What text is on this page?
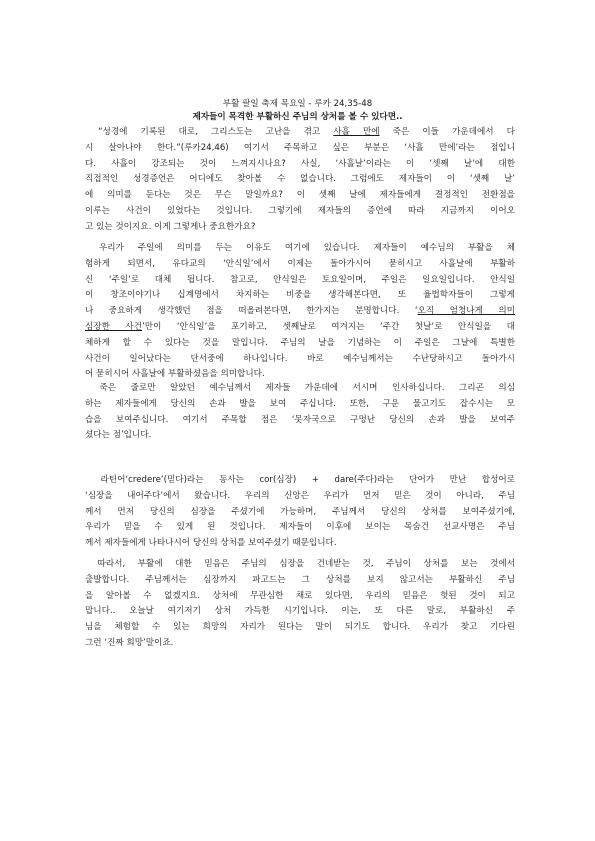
부활 팔일 축제 목요일 - 루카 24,35-48
제자들이 목격한 부활하신 주님의 상처를 볼 수 있다면..
“성경에 기록된 대로, 그리스도는 고난을 겪고 사흘 만에 죽은 이들 가운데에서 다
시 살아나야 한다.”(루카24,46) 여기서 주목하고 싶은 부분은 ‘사흘 만에’라는 점입니
다. 사흘이 강조되는 것이 느껴지시나요? 사실, ‘사흘날’이라는 이 ‘셋째 날’에 대한
직접적인 성경증언은 어디에도 찾아볼 수 없습니다. 그럼에도 제자들이 이 ‘셋째 날’
에 의미를 둔다는 것은 무슨 말일까요? 이 셋째 날에 제자들에게 결정적인 전환점을
이루는 사건이 있었다는 것입니다. 그렇기에 제자들의 증언에 따라 지금까지 이어오
고 있는 것이지요. 이게 그렇게나 중요한가요?
우리가 주일에 의미를 두는 이유도 여기에 있습니다. 제자들이 예수님의 부활을 체
험하게 되면서, 유다교의 ‘안식일’에서 이제는 돌아가시어 묻히시고 사흘날에 부활하
신 ‘주일’로 대체 됩니다. 참고로, 안식일은 토요일이며, 주일은 일요일입니다. 안식일
이 창조이야기나 십계명에서 차지하는 비중을 생각해본다면, 또 율법학자들이 그렇게
나 중요하게 생각했던 점을 떠올려본다면, 한가지는 분명합니다. ‘오직 엄청나게 의미
심장한 사건’만이 ‘안식일’을 포기하고, 셋째날로 여겨지는 ‘주간 첫날’로 안식일을 대
체하게 할 수 있다는 것을 말입니다. 주님의 날을 기념하는 이 주일은 그날에 특별한
사건이 일어났다는 단서중에 하나입니다. 바로 예수님께서는 수난당하시고 돌아가시
어 묻히시어 사흘날에 부활하셨음을 의미합니다.
죽은 줄로만 알았던 예수님께서 제자들 가운데에 서시며 인사하십니다. 그리곤 의심
하는 제자들에게 당신의 손과 발을 보여 주십니다. 또한, 구운 물고기도 잡수시는 모
습을 보여주십니다. 여기서 주목할 점은 ‘못자국으로 구멍난 당신의 손과 발을 보여주
셨다는 점’입니다.
라틴어‘credere’(믿다)라는 동사는 cor(심장) + dare(주다)라는 단어가 만난 합성어로
‘심장을 내어주다’에서 왔습니다. 우리의 신앙은 우리가 먼저 믿은 것이 아니라, 주님
께서 먼저 당신의 심장을 주셨기에 가능하며, 주님께서 당신의 상처를 보여주셨기에,
우리가 믿을 수 있게 된 것입니다. 제자들이 이후에 보이는 목숨건 선교사명은 주님
께서 제자들에게 나타나시어 당신의 상처를 보여주셨기 때문입니다.
따라서, 부활에 대한 믿음은 주님의 심장을 건네받는 것, 주님이 상처를 보는 것에서
출발합니다. 주님께서는 심장까지 파고드는 그 상처를 보지 않고서는 부활하신 주님
을 알아볼 수 없겠지요. 상처에 무관심한 채로 있다면, 우리의 믿음은 헛된 것이 되고
맙니다.. 오늘날 여기저기 상처 가득한 시기입니다. 이는, 또 다른 말로, 부활하신 주
님을 체험할 수 있는 희망의 자리가 된다는 말이 되기도 합니다. 우리가 찾고 기다린
그런 ‘진짜 희망’말이죠.
